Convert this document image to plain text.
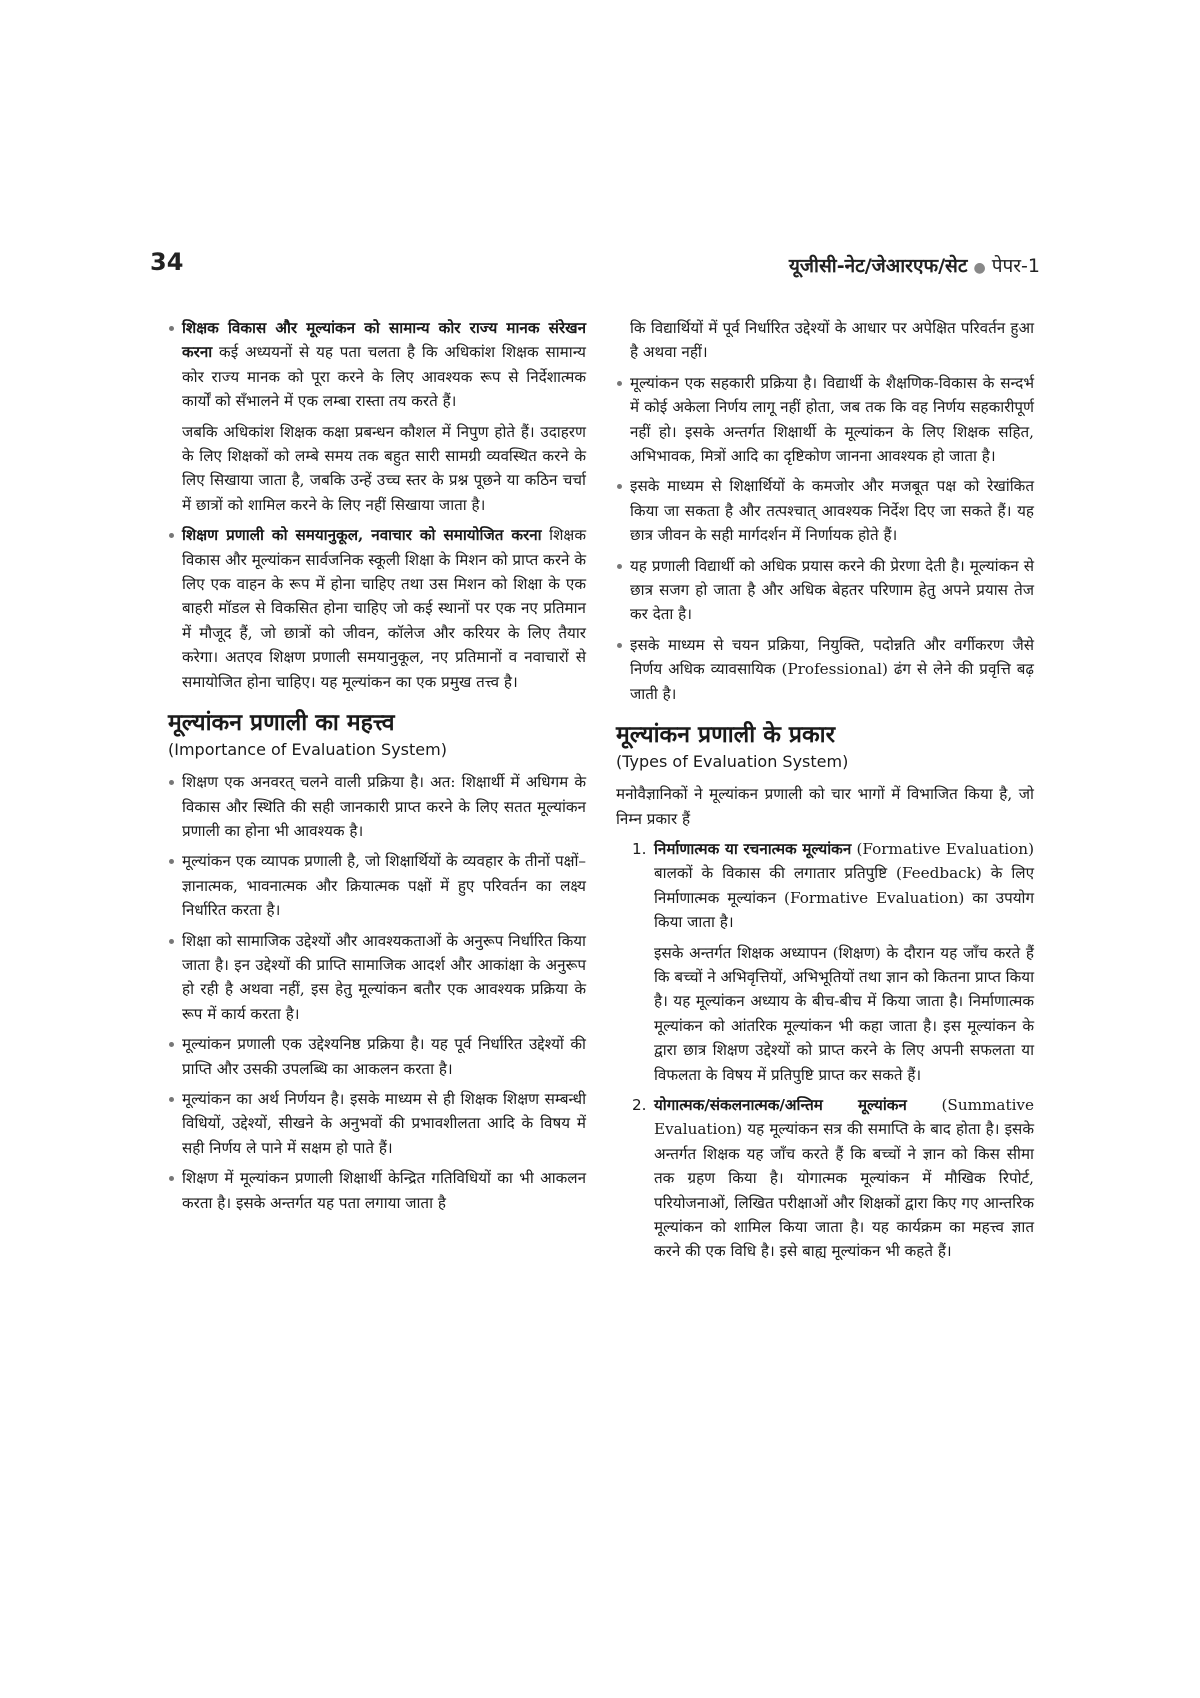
34	यूजीसी-नेट/जेआरएफ/सेट ● पेपर-1

शिक्षक विकास और मूल्यांकन को सामान्य कोर राज्य मानक संरेखन करना कई अध्ययनों से यह पता चलता है कि अधिकांश शिक्षक सामान्य कोर राज्य मानक को पूरा करने के लिए आवश्यक रूप से निर्देशात्मक कार्यों को सँभालने में एक लम्बा रास्ता तय करते हैं।

जबकि अधिकांश शिक्षक कक्षा प्रबन्धन कौशल में निपुण होते हैं। उदाहरण के लिए शिक्षकों को लम्बे समय तक बहुत सारी सामग्री व्यवस्थित करने के लिए सिखाया जाता है, जबकि उन्हें उच्च स्तर के प्रश्न पूछने या कठिन चर्चा में छात्रों को शामिल करने के लिए नहीं सिखाया जाता है।

शिक्षण प्रणाली को समयानुकूल, नवाचार को समायोजित करना शिक्षक विकास और मूल्यांकन सार्वजनिक स्कूली शिक्षा के मिशन को प्राप्त करने के लिए एक वाहन के रूप में होना चाहिए तथा उस मिशन को शिक्षा के एक बाहरी मॉडल से विकसित होना चाहिए जो कई स्थानों पर एक नए प्रतिमान में मौजूद हैं, जो छात्रों को जीवन, कॉलेज और करियर के लिए तैयार करेगा। अतएव शिक्षण प्रणाली समयानुकूल, नए प्रतिमानों व नवाचारों से समायोजित होना चाहिए। यह मूल्यांकन का एक प्रमुख तत्त्व है।

मूल्यांकन प्रणाली का महत्त्व
(Importance of Evaluation System)

शिक्षण एक अनवरत् चलने वाली प्रक्रिया है। अत: शिक्षार्थी में अधिगम के विकास और स्थिति की सही जानकारी प्राप्त करने के लिए सतत मूल्यांकन प्रणाली का होना भी आवश्यक है।

मूल्यांकन एक व्यापक प्रणाली है, जो शिक्षार्थियों के व्यवहार के तीनों पक्षों–ज्ञानात्मक, भावनात्मक और क्रियात्मक पक्षों में हुए परिवर्तन का लक्ष्य निर्धारित करता है।

शिक्षा को सामाजिक उद्देश्यों और आवश्यकताओं के अनुरूप निर्धारित किया जाता है। इन उद्देश्यों की प्राप्ति सामाजिक आदर्श और आकांक्षा के अनुरूप हो रही है अथवा नहीं, इस हेतु मूल्यांकन बतौर एक आवश्यक प्रक्रिया के रूप में कार्य करता है।

मूल्यांकन प्रणाली एक उद्देश्यनिष्ठ प्रक्रिया है। यह पूर्व निर्धारित उद्देश्यों की प्राप्ति और उसकी उपलब्धि का आकलन करता है।

मूल्यांकन का अर्थ निर्णयन है। इसके माध्यम से ही शिक्षक शिक्षण सम्बन्धी विधियों, उद्देश्यों, सीखने के अनुभवों की प्रभावशीलता आदि के विषय में सही निर्णय ले पाने में सक्षम हो पाते हैं।

शिक्षण में मूल्यांकन प्रणाली शिक्षार्थी केन्द्रित गतिविधियों का भी आकलन करता है। इसके अन्तर्गत यह पता लगाया जाता है

कि विद्यार्थियों में पूर्व निर्धारित उद्देश्यों के आधार पर अपेक्षित परिवर्तन हुआ है अथवा नहीं।

मूल्यांकन एक सहकारी प्रक्रिया है। विद्यार्थी के शैक्षणिक-विकास के सन्दर्भ में कोई अकेला निर्णय लागू नहीं होता, जब तक कि वह निर्णय सहकारीपूर्ण नहीं हो। इसके अन्तर्गत शिक्षार्थी के मूल्यांकन के लिए शिक्षक सहित, अभिभावक, मित्रों आदि का दृष्टिकोण जानना आवश्यक हो जाता है।

इसके माध्यम से शिक्षार्थियों के कमजोर और मजबूत पक्ष को रेखांकित किया जा सकता है और तत्पश्चात् आवश्यक निर्देश दिए जा सकते हैं। यह छात्र जीवन के सही मार्गदर्शन में निर्णायक होते हैं।

यह प्रणाली विद्यार्थी को अधिक प्रयास करने की प्रेरणा देती है। मूल्यांकन से छात्र सजग हो जाता है और अधिक बेहतर परिणाम हेतु अपने प्रयास तेज कर देता है।

इसके माध्यम से चयन प्रक्रिया, नियुक्ति, पदोन्नति और वर्गीकरण जैसे निर्णय अधिक व्यावसायिक (Professional) ढंग से लेने की प्रवृत्ति बढ़ जाती है।

मूल्यांकन प्रणाली के प्रकार
(Types of Evaluation System)

मनोवैज्ञानिकों ने मूल्यांकन प्रणाली को चार भागों में विभाजित किया है, जो निम्न प्रकार हैं

1. निर्माणात्मक या रचनात्मक मूल्यांकन (Formative Evaluation) बालकों के विकास की लगातार प्रतिपुष्टि (Feedback) के लिए निर्माणात्मक मूल्यांकन (Formative Evaluation) का उपयोग किया जाता है।

इसके अन्तर्गत शिक्षक अध्यापन (शिक्षण) के दौरान यह जाँच करते हैं कि बच्चों ने अभिवृत्तियों, अभिभूतियों तथा ज्ञान को कितना प्राप्त किया है। यह मूल्यांकन अध्याय के बीच-बीच में किया जाता है। निर्माणात्मक मूल्यांकन को आंतरिक मूल्यांकन भी कहा जाता है। इस मूल्यांकन के द्वारा छात्र शिक्षण उद्देश्यों को प्राप्त करने के लिए अपनी सफलता या विफलता के विषय में प्रतिपुष्टि प्राप्त कर सकते हैं।

2. योगात्मक/संकलनात्मक/अन्तिम मूल्यांकन (Summative Evaluation) यह मूल्यांकन सत्र की समाप्ति के बाद होता है। इसके अन्तर्गत शिक्षक यह जाँच करते हैं कि बच्चों ने ज्ञान को किस सीमा तक ग्रहण किया है। योगात्मक मूल्यांकन में मौखिक रिपोर्ट, परियोजनाओं, लिखित परीक्षाओं और शिक्षकों द्वारा किए गए आन्तरिक मूल्यांकन को शामिल किया जाता है। यह कार्यक्रम का महत्त्व ज्ञात करने की एक विधि है। इसे बाह्य मूल्यांकन भी कहते हैं।
